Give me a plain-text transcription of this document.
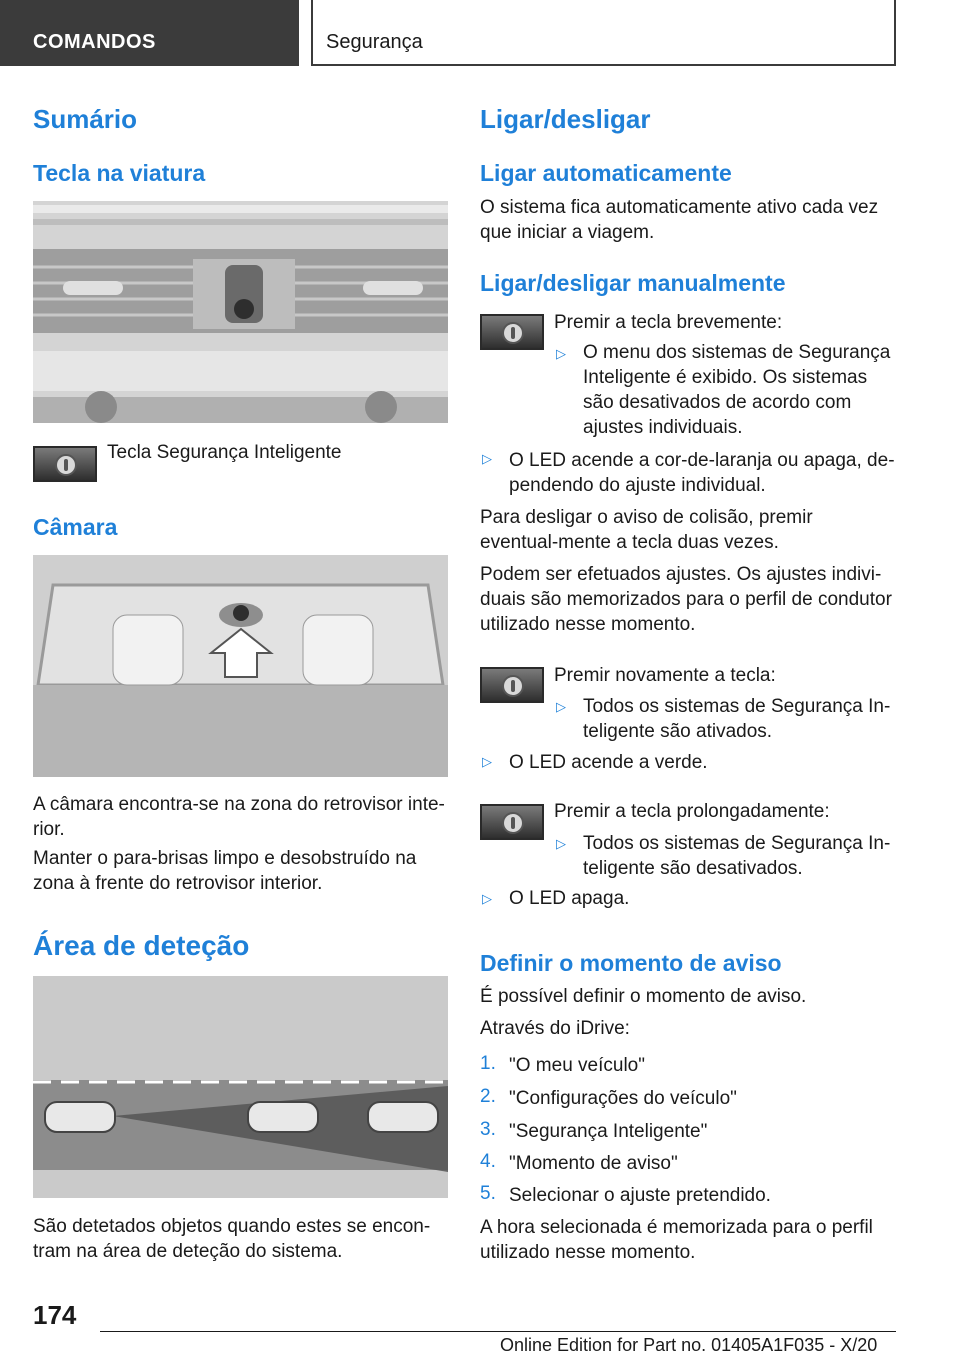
COMANDOS	Segurança
Sumário
Tecla na viatura
Tecla Segurança Inteligente
Câmara
A câmara encontra-se na zona do retrovisor inte-rior.
Manter o para-brisas limpo e desobstruído na zona à frente do retrovisor interior.
Área de deteção
São detetados objetos quando estes se encon-tram na área de deteção do sistema.
Ligar/desligar
Ligar automaticamente
O sistema fica automaticamente ativo cada vez que iniciar a viagem.
Ligar/desligar manualmente
Premir a tecla brevemente:
▷ O menu dos sistemas de Segurança Inteligente é exibido. Os sistemas são desativados de acordo com ajustes individuais.
▷ O LED acende a cor-de-laranja ou apaga, de-pendendo do ajuste individual.
Para desligar o aviso de colisão, premir eventual-mente a tecla duas vezes.
Podem ser efetuados ajustes. Os ajustes indivi-duais são memorizados para o perfil de condutor utilizado nesse momento.
Premir novamente a tecla:
▷ Todos os sistemas de Segurança In-teligente são ativados.
▷ O LED acende a verde.
Premir a tecla prolongadamente:
▷ Todos os sistemas de Segurança In-teligente são desativados.
▷ O LED apaga.
Definir o momento de aviso
É possível definir o momento de aviso.
Através do iDrive:
1. "O meu veículo"
2. "Configurações do veículo"
3. "Segurança Inteligente"
4. "Momento de aviso"
5. Selecionar o ajuste pretendido.
A hora selecionada é memorizada para o perfil utilizado nesse momento.
174
Online Edition for Part no. 01405A1F035 - X/20
